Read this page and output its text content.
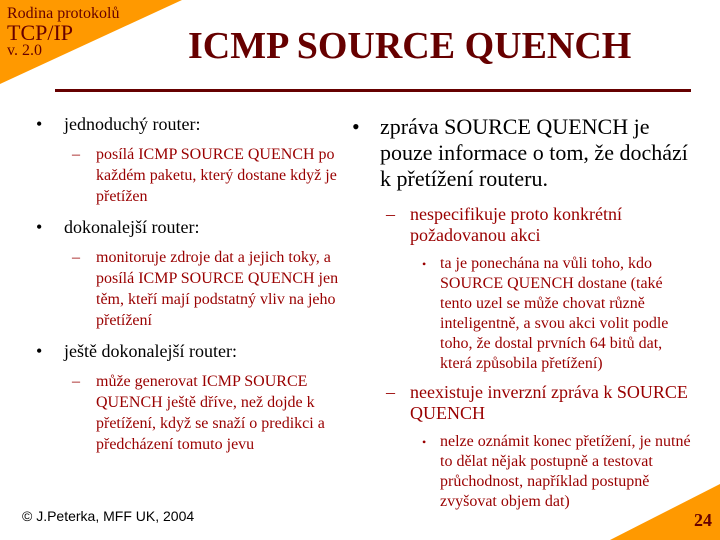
Rodina protokolů
TCP/IP
v. 2.0	ICMP SOURCE QUENCH
• jednoduchý router:
– posílá ICMP SOURCE QUENCH po každém paketu, který dostane když je přetížen
• dokonalejší router:
– monitoruje zdroje dat a jejich toky, a posílá ICMP SOURCE QUENCH jen těm, kteří mají podstatný vliv na jeho přetížení
• ještě dokonalejší router:
– může generovat ICMP SOURCE QUENCH ještě dříve, než dojde k přetížení, když se snaží o predikci a předcházení tomuto jevu
• zpráva SOURCE QUENCH je pouze informace o tom, že dochází k přetížení routeru.
– nespecifikuje proto konkrétní požadovanou akci
• ta je ponechána na vůli toho, kdo SOURCE QUENCH dostane (také tento uzel se může chovat různě inteligentně, a svou akci volit podle toho, že dostal prvních 64 bitů dat, která způsobila přetížení)
– neexistuje inverzní zpráva k SOURCE QUENCH
• nelze oznámit konec přetížení, je nutné to dělat nějak postupně a testovat průchodnost, například postupně zvyšovat objem dat)
© J.Peterka, MFF UK, 2004	24
